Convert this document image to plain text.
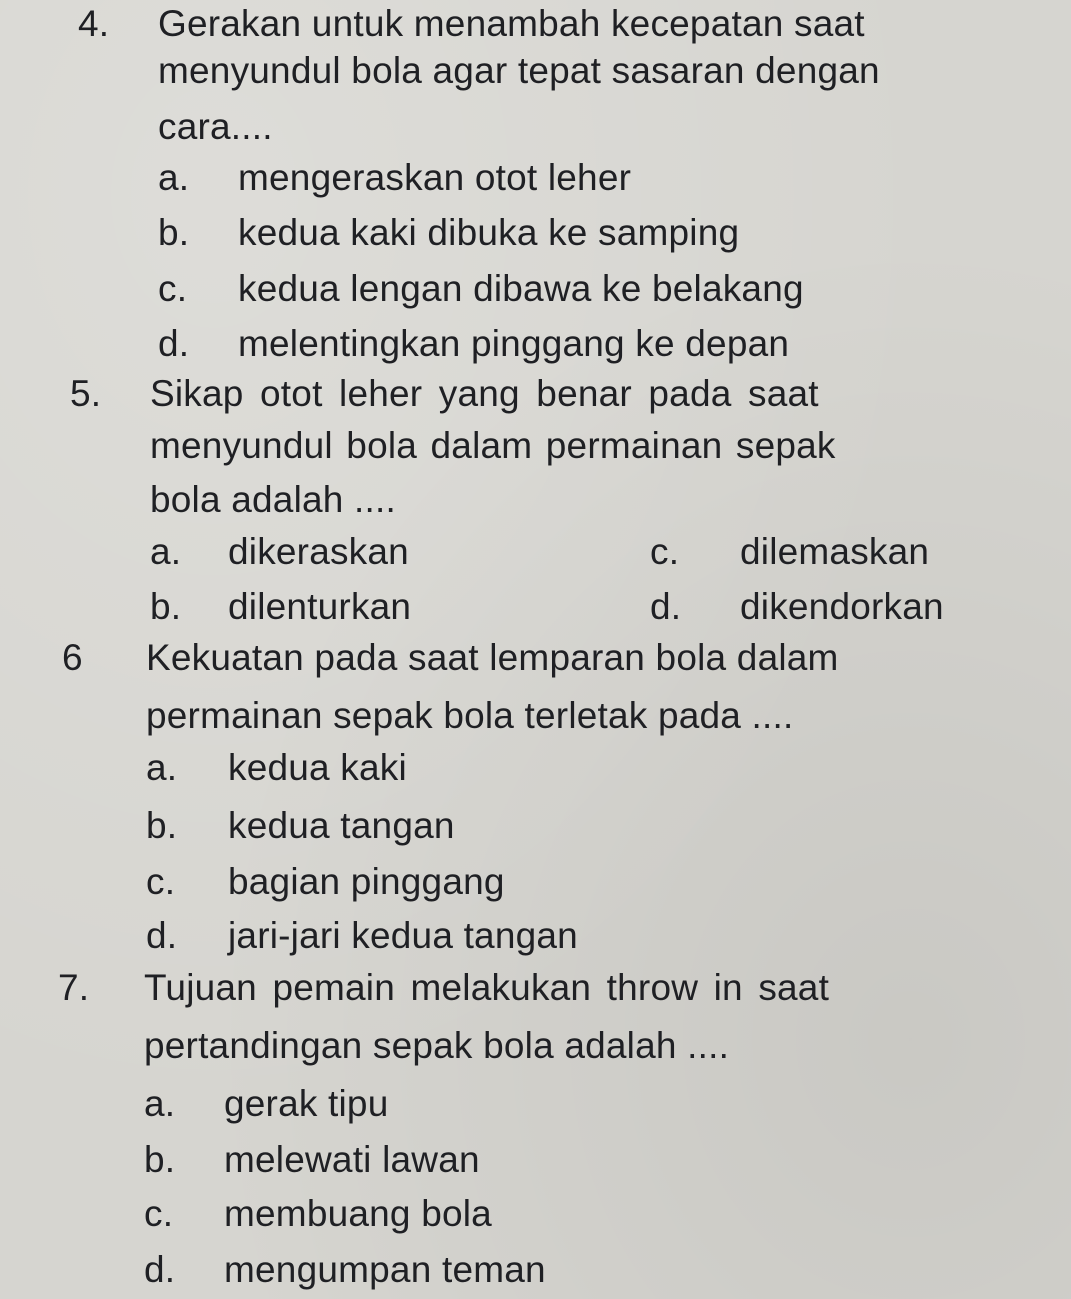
4. Gerakan untuk menambah kecepatan saat
menyundul bola agar tepat sasaran dengan
cara....
a. mengeraskan otot leher
b. kedua kaki dibuka ke samping
c. kedua lengan dibawa ke belakang
d. melentingkan pinggang ke depan
5. Sikap otot leher yang benar pada saat
menyundul bola dalam permainan sepak
bola adalah ....
a. dikeraskan	c. dilemaskan
b. dilenturkan	d. dikendorkan
6 Kekuatan pada saat lemparan bola dalam
permainan sepak bola terletak pada ....
a. kedua kaki
b. kedua tangan
c. bagian pinggang
d. jari-jari kedua tangan
7. Tujuan pemain melakukan throw in saat
pertandingan sepak bola adalah ....
a. gerak tipu
b. melewati lawan
c. membuang bola
d. mengumpan teman
